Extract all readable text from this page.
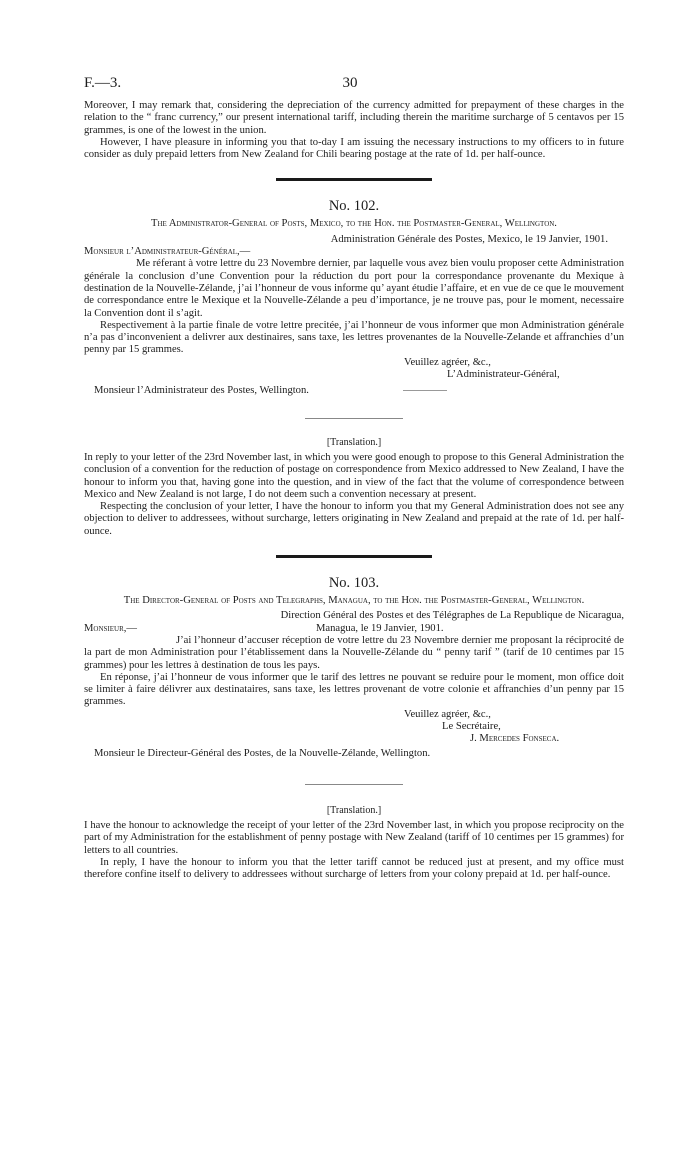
30
F.—3.

Moreover, I may remark that, considering the depreciation of the currency admitted for prepayment of these charges in the relation to the “ franc currency,” our present international tariff, including therein the maritime surcharge of 5 centavos per 15 grammes, is one of the lowest in the union.

However, I have pleasure in informing you that to-day I am issuing the necessary instructions to my officers to in future consider as duly prepaid letters from New Zealand for Chili bearing postage at the rate of 1d. per half-ounce.

No. 102.

The Administrator-General of Posts, Mexico, to the Hon. the Postmaster-General, Wellington.

Administration Générale des Postes, Mexico, le 19 Janvier, 1901.

Monsieur l’Administrateur-Général,—

Me réferant à votre lettre du 23 Novembre dernier, par laquelle vous avez bien voulu proposer cette Administration générale la conclusion d’une Convention pour la réduction du port pour la correspondance provenante du Mexique à destination de la Nouvelle-Zélande, j’ai l’honneur de vous informe qu’ ayant étudie l’affaire, et en vue de ce que le mouvement de correspondance entre le Mexique et la Nouvelle-Zélande a peu d’importance, je ne trouve pas, pour le moment, necessaire la Convention dont il s’agit.

Respectivement à la partie finale de votre lettre precitée, j’ai l’honneur de vous informer que mon Administration générale n’a pas d’inconvenient a delivrer aux destinaires, sans taxe, les lettres provenantes de la Nouvelle-Zelande et affranchies d’un penny par 15 grammes.

Veuillez agréer, &c.,

L’Administrateur-Général,

Monsieur l’Administrateur des Postes, Wellington.

[Translation.]

In reply to your letter of the 23rd November last, in which you were good enough to propose to this General Administration the conclusion of a convention for the reduction of postage on correspondence from Mexico addressed to New Zealand, I have the honour to inform you that, having gone into the question, and in view of the fact that the volume of correspondence between Mexico and New Zealand is not large, I do not deem such a convention necessary at present.

Respecting the conclusion of your letter, I have the honour to inform you that my General Administration does not see any objection to deliver to addressees, without surcharge, letters originating in New Zealand and prepaid at the rate of 1d. per half-ounce.

No. 103.

The Director-General of Posts and Telegraphs, Managua, to the Hon. the Postmaster-General, Wellington.

Direction Général des Postes et des Télégraphes de La Republique de Nicaragua,

Monsieur,—	Managua, le 19 Janvier, 1901.

J’ai l’honneur d’accuser réception de votre lettre du 23 Novembre dernier me proposant la réciprocité de la part de mon Administration pour l’établissement dans la Nouvelle-Zélande du “ penny tarif ” (tarif de 10 centimes par 15 grammes) pour les lettres à destination de tous les pays.

En réponse, j’ai l’honneur de vous informer que le tarif des lettres ne pouvant se reduire pour le moment, mon office doit se limiter à faire délivrer aux destinataires, sans taxe, les lettres provenant de votre colonie et affranchies d’un penny par 15 grammes.

Veuillez agréer, &c.,

Le Secrétaire,

J. Mercedes Fonseca.

Monsieur le Directeur-Général des Postes, de la Nouvelle-Zélande, Wellington.

[Translation.]

I have the honour to acknowledge the receipt of your letter of the 23rd November last, in which you propose reciprocity on the part of my Administration for the establishment of penny postage with New Zealand (tariff of 10 centimes per 15 grammes) for letters to all countries.

In reply, I have the honour to inform you that the letter tariff cannot be reduced just at present, and my office must therefore confine itself to delivery to addressees without surcharge of letters from your colony prepaid at 1d. per half-ounce.
